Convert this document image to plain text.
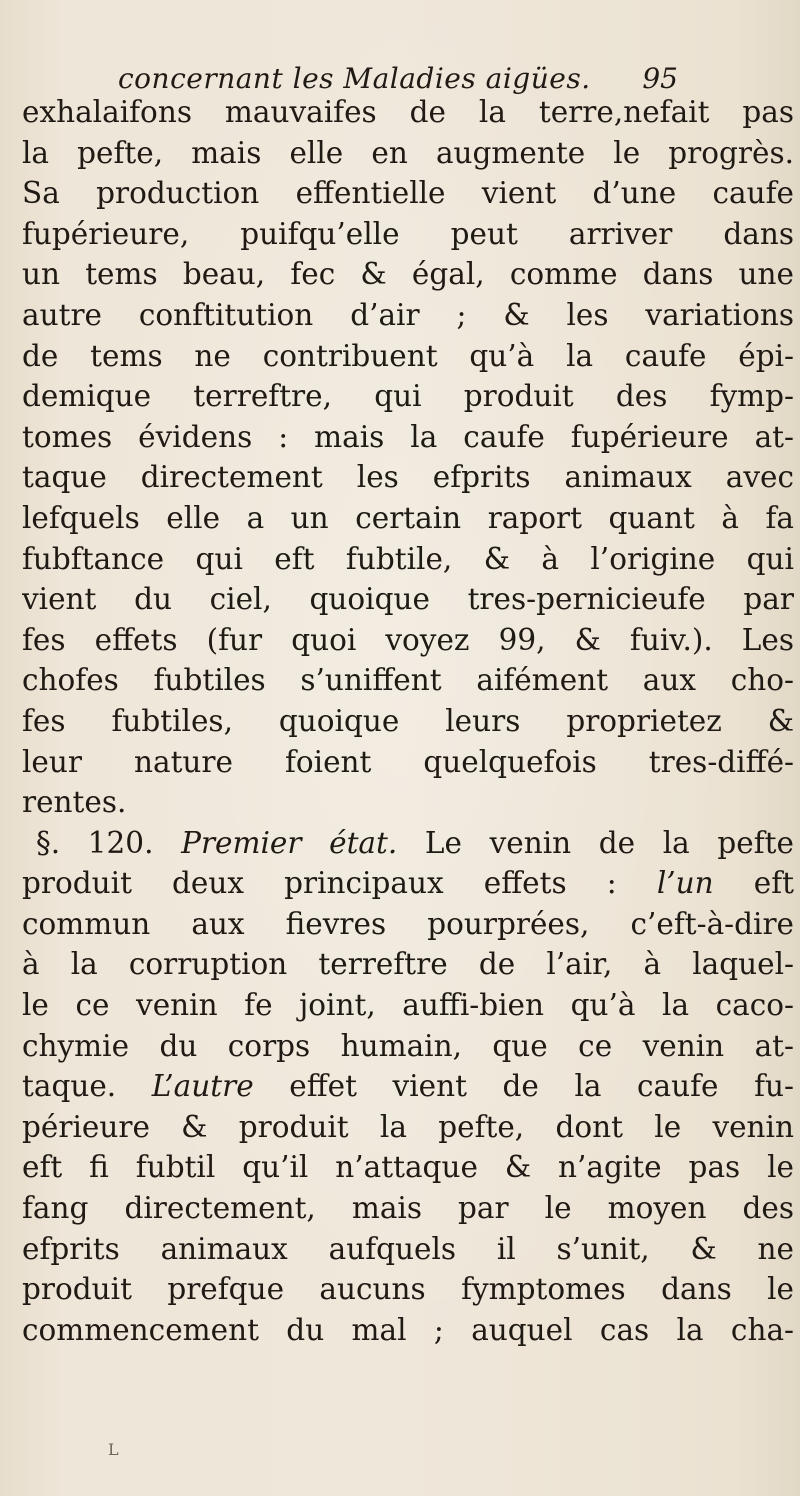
concernant les Maladies aigües. 95
exhalaifons mauvaifes de la terre,nefait pas
la pefte, mais elle en augmente le progrès.
Sa production effentielle vient d’une caufe
fupérieure, puifqu’elle peut arriver dans
un tems beau, fec & égal, comme dans une
autre conftitution d’air ; & les variations
de tems ne contribuent qu’à la caufe épi-
demique terreftre, qui produit des fymp-
tomes évidens : mais la caufe fupérieure at-
taque directement les efprits animaux avec
lefquels elle a un certain raport quant à fa
fubftance qui eft fubtile, & à l’origine qui
vient du ciel, quoique tres-pernicieufe par
fes effets (fur quoi voyez 99, & fuiv.). Les
chofes fubtiles s’uniffent aifément aux cho-
fes fubtiles, quoique leurs proprietez &
leur nature foient quelquefois tres-diffé-
rentes.
§. 120. Premier état. Le venin de la pefte
produit deux principaux effets : l’un eft
commun aux fievres pourprées, c’eft-à-dire
à la corruption terreftre de l’air, à laquel-
le ce venin fe joint, auffi-bien qu’à la caco-
chymie du corps humain, que ce venin at-
taque. L’autre effet vient de la caufe fu-
périeure & produit la pefte, dont le venin
eft fi fubtil qu’il n’attaque & n’agite pas le
fang directement, mais par le moyen des
efprits animaux aufquels il s’unit, & ne
produit prefque aucuns fymptomes dans le
commencement du mal ; auquel cas la cha-
L
